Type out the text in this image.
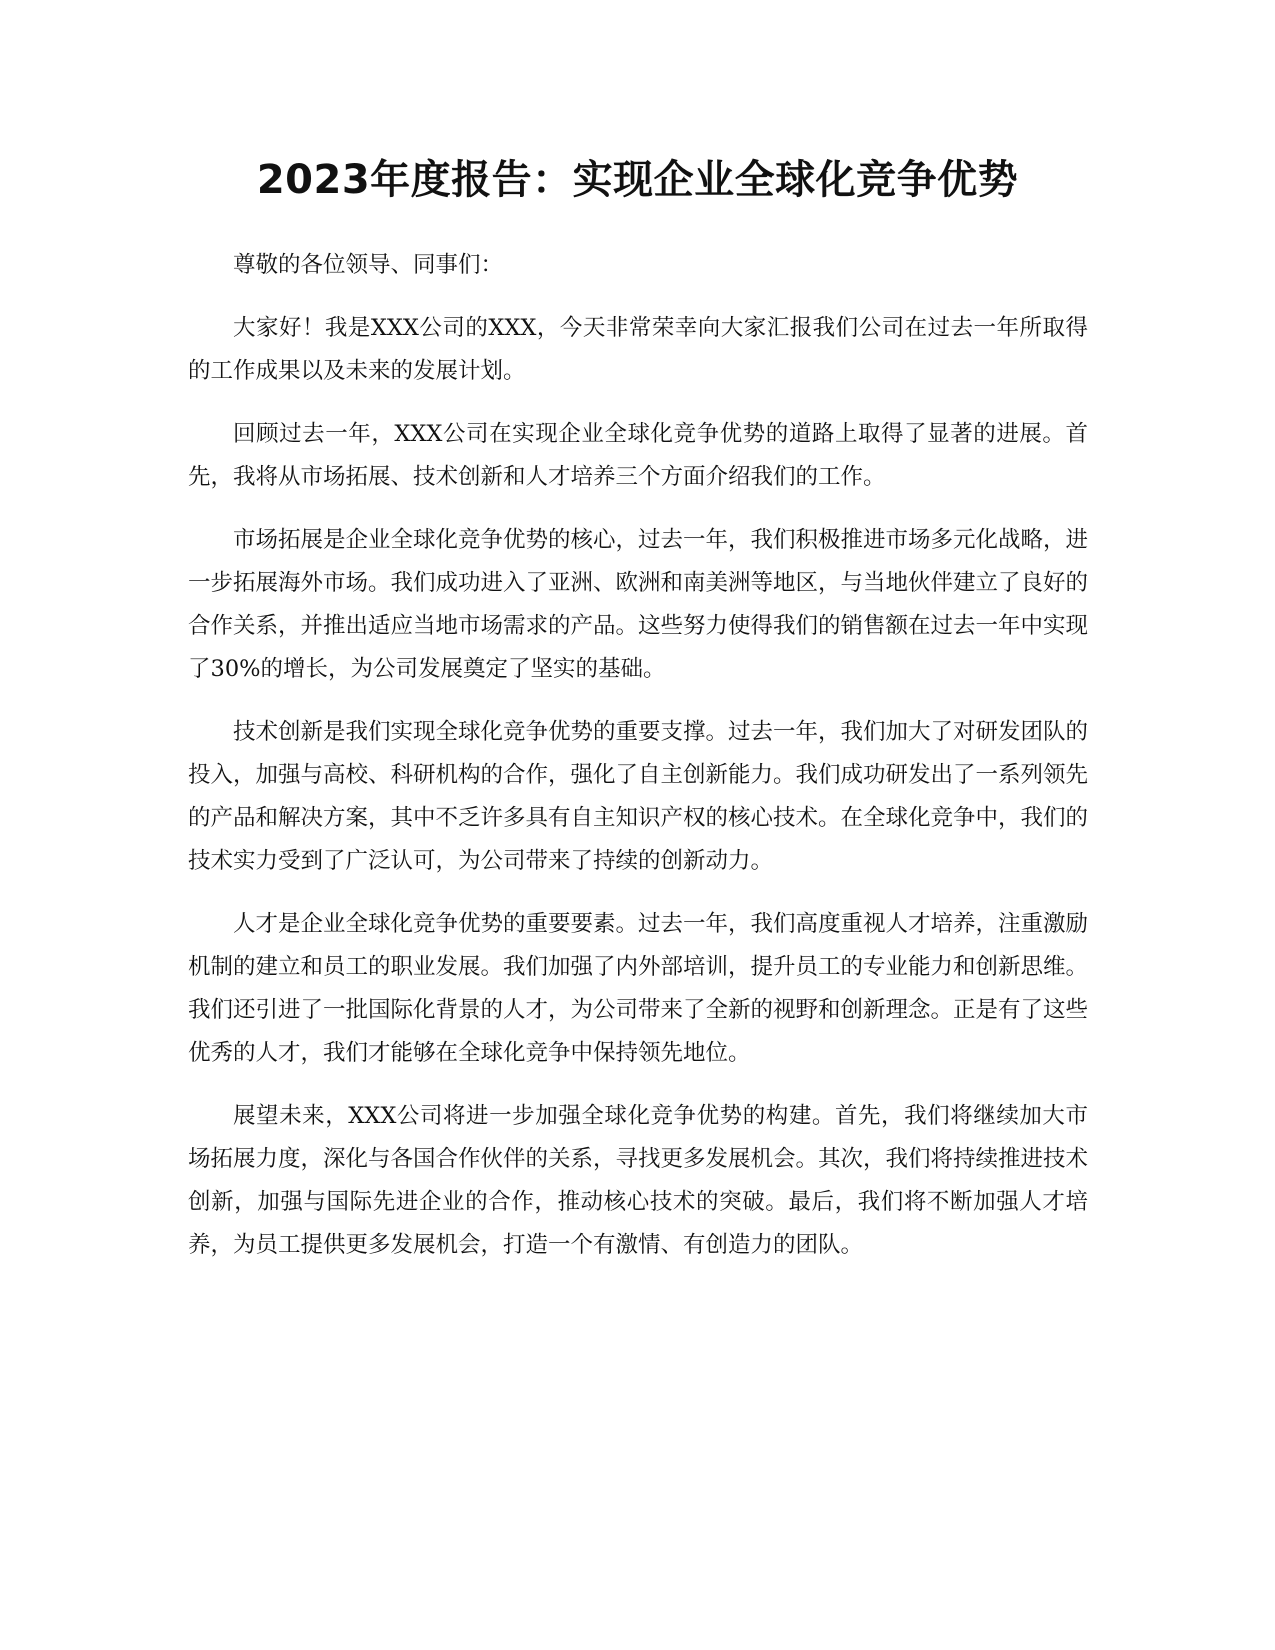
2023年度报告：实现企业全球化竞争优势

尊敬的各位领导、同事们：

大家好！我是XXX公司的XXX，今天非常荣幸向大家汇报我们公司在过去一年所取得的工作成果以及未来的发展计划。

回顾过去一年，XXX公司在实现企业全球化竞争优势的道路上取得了显著的进展。首先，我将从市场拓展、技术创新和人才培养三个方面介绍我们的工作。

市场拓展是企业全球化竞争优势的核心，过去一年，我们积极推进市场多元化战略，进一步拓展海外市场。我们成功进入了亚洲、欧洲和南美洲等地区，与当地伙伴建立了良好的合作关系，并推出适应当地市场需求的产品。这些努力使得我们的销售额在过去一年中实现了30%的增长，为公司发展奠定了坚实的基础。

技术创新是我们实现全球化竞争优势的重要支撑。过去一年，我们加大了对研发团队的投入，加强与高校、科研机构的合作，强化了自主创新能力。我们成功研发出了一系列领先的产品和解决方案，其中不乏许多具有自主知识产权的核心技术。在全球化竞争中，我们的技术实力受到了广泛认可，为公司带来了持续的创新动力。

人才是企业全球化竞争优势的重要要素。过去一年，我们高度重视人才培养，注重激励机制的建立和员工的职业发展。我们加强了内外部培训，提升员工的专业能力和创新思维。我们还引进了一批国际化背景的人才，为公司带来了全新的视野和创新理念。正是有了这些优秀的人才，我们才能够在全球化竞争中保持领先地位。

展望未来，XXX公司将进一步加强全球化竞争优势的构建。首先，我们将继续加大市场拓展力度，深化与各国合作伙伴的关系，寻找更多发展机会。其次，我们将持续推进技术创新，加强与国际先进企业的合作，推动核心技术的突破。最后，我们将不断加强人才培养，为员工提供更多发展机会，打造一个有激情、有创造力的团队。
